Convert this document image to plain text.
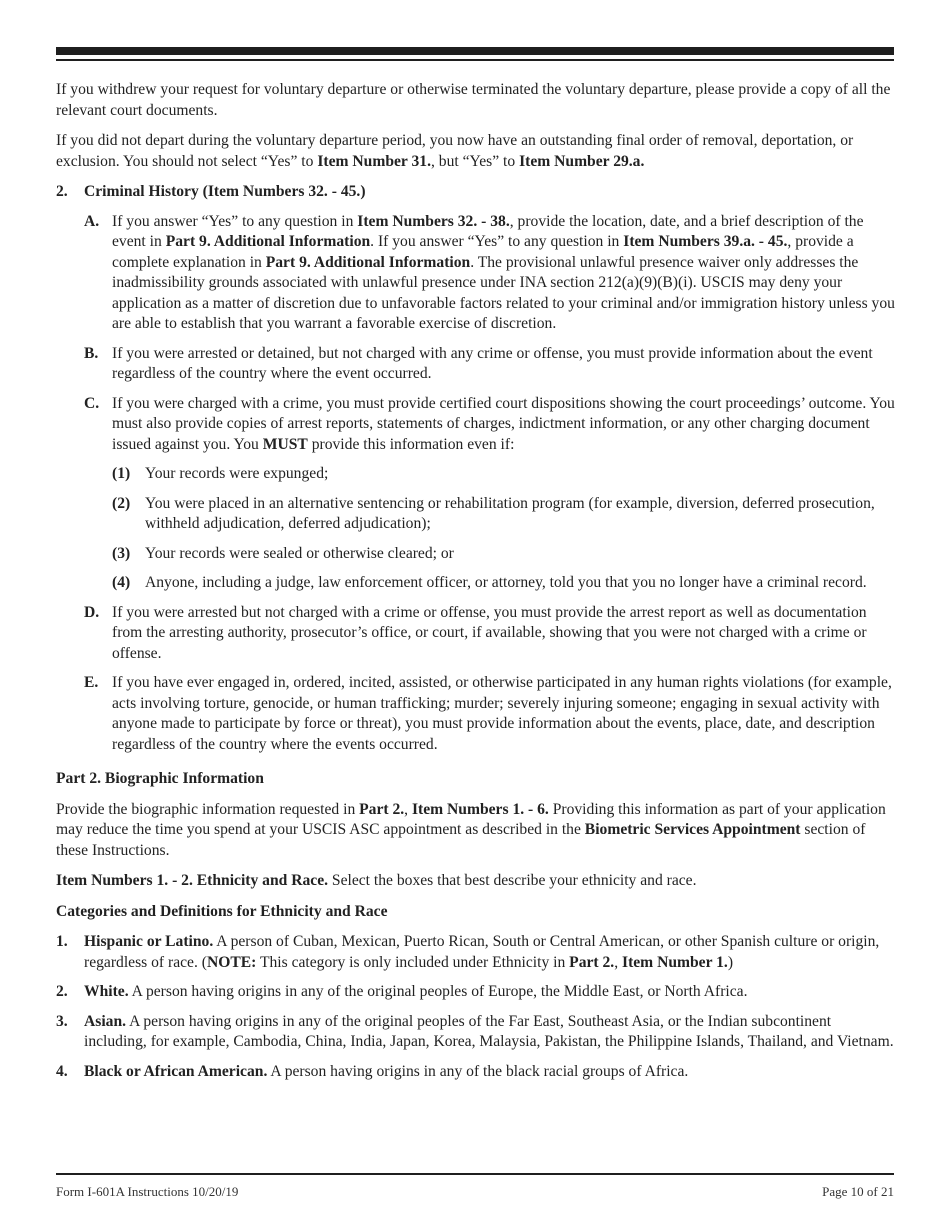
If you withdrew your request for voluntary departure or otherwise terminated the voluntary departure, please provide a copy of all the relevant court documents.

If you did not depart during the voluntary departure period, you now have an outstanding final order of removal, deportation, or exclusion. You should not select “Yes” to Item Number 31., but “Yes” to Item Number 29.a.

2. Criminal History (Item Numbers 32. - 45.)
A. If you answer “Yes” to any question in Item Numbers 32. - 38., provide the location, date, and a brief description of the event in Part 9. Additional Information. If you answer “Yes” to any question in Item Numbers 39.a. - 45., provide a complete explanation in Part 9. Additional Information. The provisional unlawful presence waiver only addresses the inadmissibility grounds associated with unlawful presence under INA section 212(a)(9)(B)(i). USCIS may deny your application as a matter of discretion due to unfavorable factors related to your criminal and/or immigration history unless you are able to establish that you warrant a favorable exercise of discretion.
B. If you were arrested or detained, but not charged with any crime or offense, you must provide information about the event regardless of the country where the event occurred.
C. If you were charged with a crime, you must provide certified court dispositions showing the court proceedings’ outcome. You must also provide copies of arrest reports, statements of charges, indictment information, or any other charging document issued against you. You MUST provide this information even if:
(1) Your records were expunged;
(2) You were placed in an alternative sentencing or rehabilitation program (for example, diversion, deferred prosecution, withheld adjudication, deferred adjudication);
(3) Your records were sealed or otherwise cleared; or
(4) Anyone, including a judge, law enforcement officer, or attorney, told you that you no longer have a criminal record.
D. If you were arrested but not charged with a crime or offense, you must provide the arrest report as well as documentation from the arresting authority, prosecutor’s office, or court, if available, showing that you were not charged with a crime or offense.
E. If you have ever engaged in, ordered, incited, assisted, or otherwise participated in any human rights violations (for example, acts involving torture, genocide, or human trafficking; murder; severely injuring someone; engaging in sexual activity with anyone made to participate by force or threat), you must provide information about the events, place, date, and description regardless of the country where the events occurred.
Part 2. Biographic Information

Provide the biographic information requested in Part 2., Item Numbers 1. - 6. Providing this information as part of your application may reduce the time you spend at your USCIS ASC appointment as described in the Biometric Services Appointment section of these Instructions.

Item Numbers 1. - 2. Ethnicity and Race. Select the boxes that best describe your ethnicity and race.

Categories and Definitions for Ethnicity and Race
1. Hispanic or Latino. A person of Cuban, Mexican, Puerto Rican, South or Central American, or other Spanish culture or origin, regardless of race. (NOTE: This category is only included under Ethnicity in Part 2., Item Number 1.)
2. White. A person having origins in any of the original peoples of Europe, the Middle East, or North Africa.
3. Asian. A person having origins in any of the original peoples of the Far East, Southeast Asia, or the Indian subcontinent including, for example, Cambodia, China, India, Japan, Korea, Malaysia, Pakistan, the Philippine Islands, Thailand, and Vietnam.
4. Black or African American. A person having origins in any of the black racial groups of Africa.
Form I-601A Instructions 10/20/19	Page 10 of 21
